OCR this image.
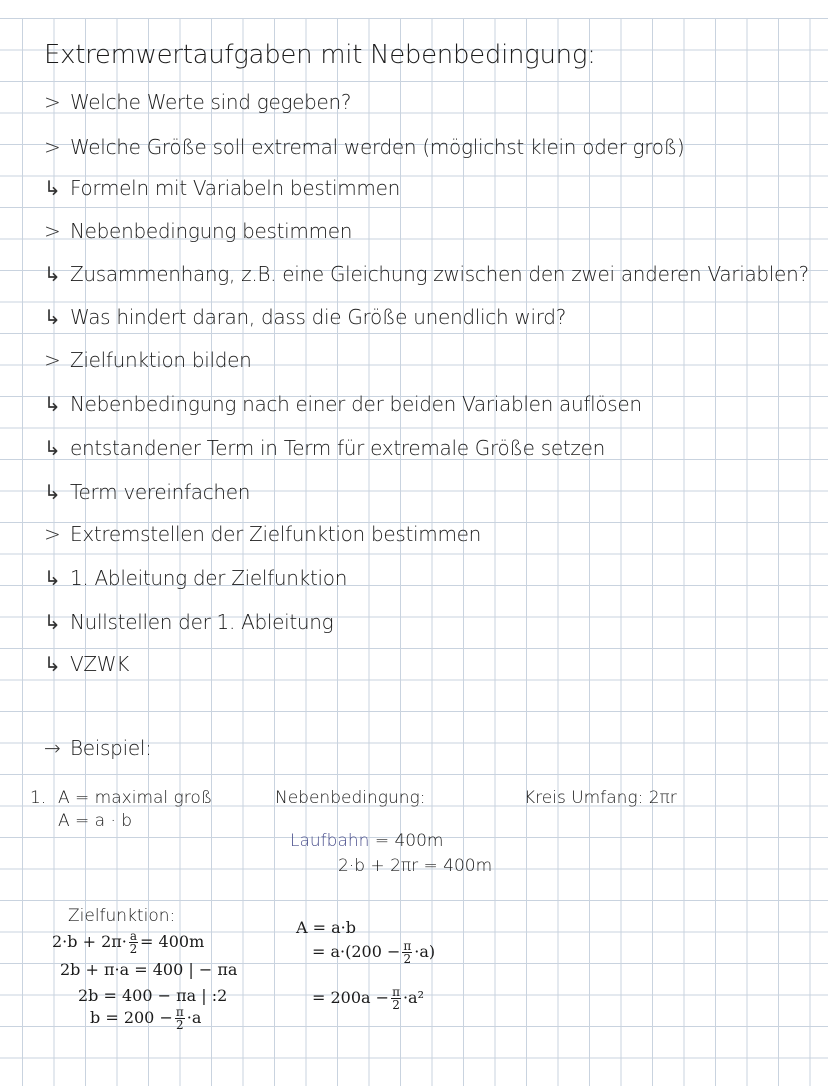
Extremwertaufgaben mit Nebenbedingung:
> Welche Werte sind gegeben?
> Welche Größe soll extremal werden (möglichst klein oder groß)
↳ Formeln mit Variabeln bestimmen
> Nebenbedingung bestimmen
↳ Zusammenhang, z.B. eine Gleichung zwischen den zwei anderen Variablen?
↳ Was hindert daran, dass die Größe unendlich wird?
> Zielfunktion bilden
↳ Nebenbedingung nach einer der beiden Variablen auflösen
↳ entstandener Term in Term für extremale Größe setzen
↳ Term vereinfachen
> Extremstellen der Zielfunktion bestimmen
↳ 1. Ableitung der Zielfunktion
↳ Nullstellen der 1. Ableitung
↳ VZWK
→ Beispiel:
1. A = maximal groß
A = a · b
Nebenbedingung:	Kreis Umfang: 2πr
Laufbahn = 400m
2·b + 2πr = 400m
Zielfunktion:
$2\cdot b + 2\pi\cdot \frac{a}{2} = 400m$
2b + π·a = 400 | − πa
2b = 400 − πa | :2
$b = 200 - \frac{\pi}{2} \cdot a$
A = a·b
= $a\cdot(200 - \frac{\pi}{2} \cdot a)$
= $200a - \frac{\pi}{2} \cdot a^2$
